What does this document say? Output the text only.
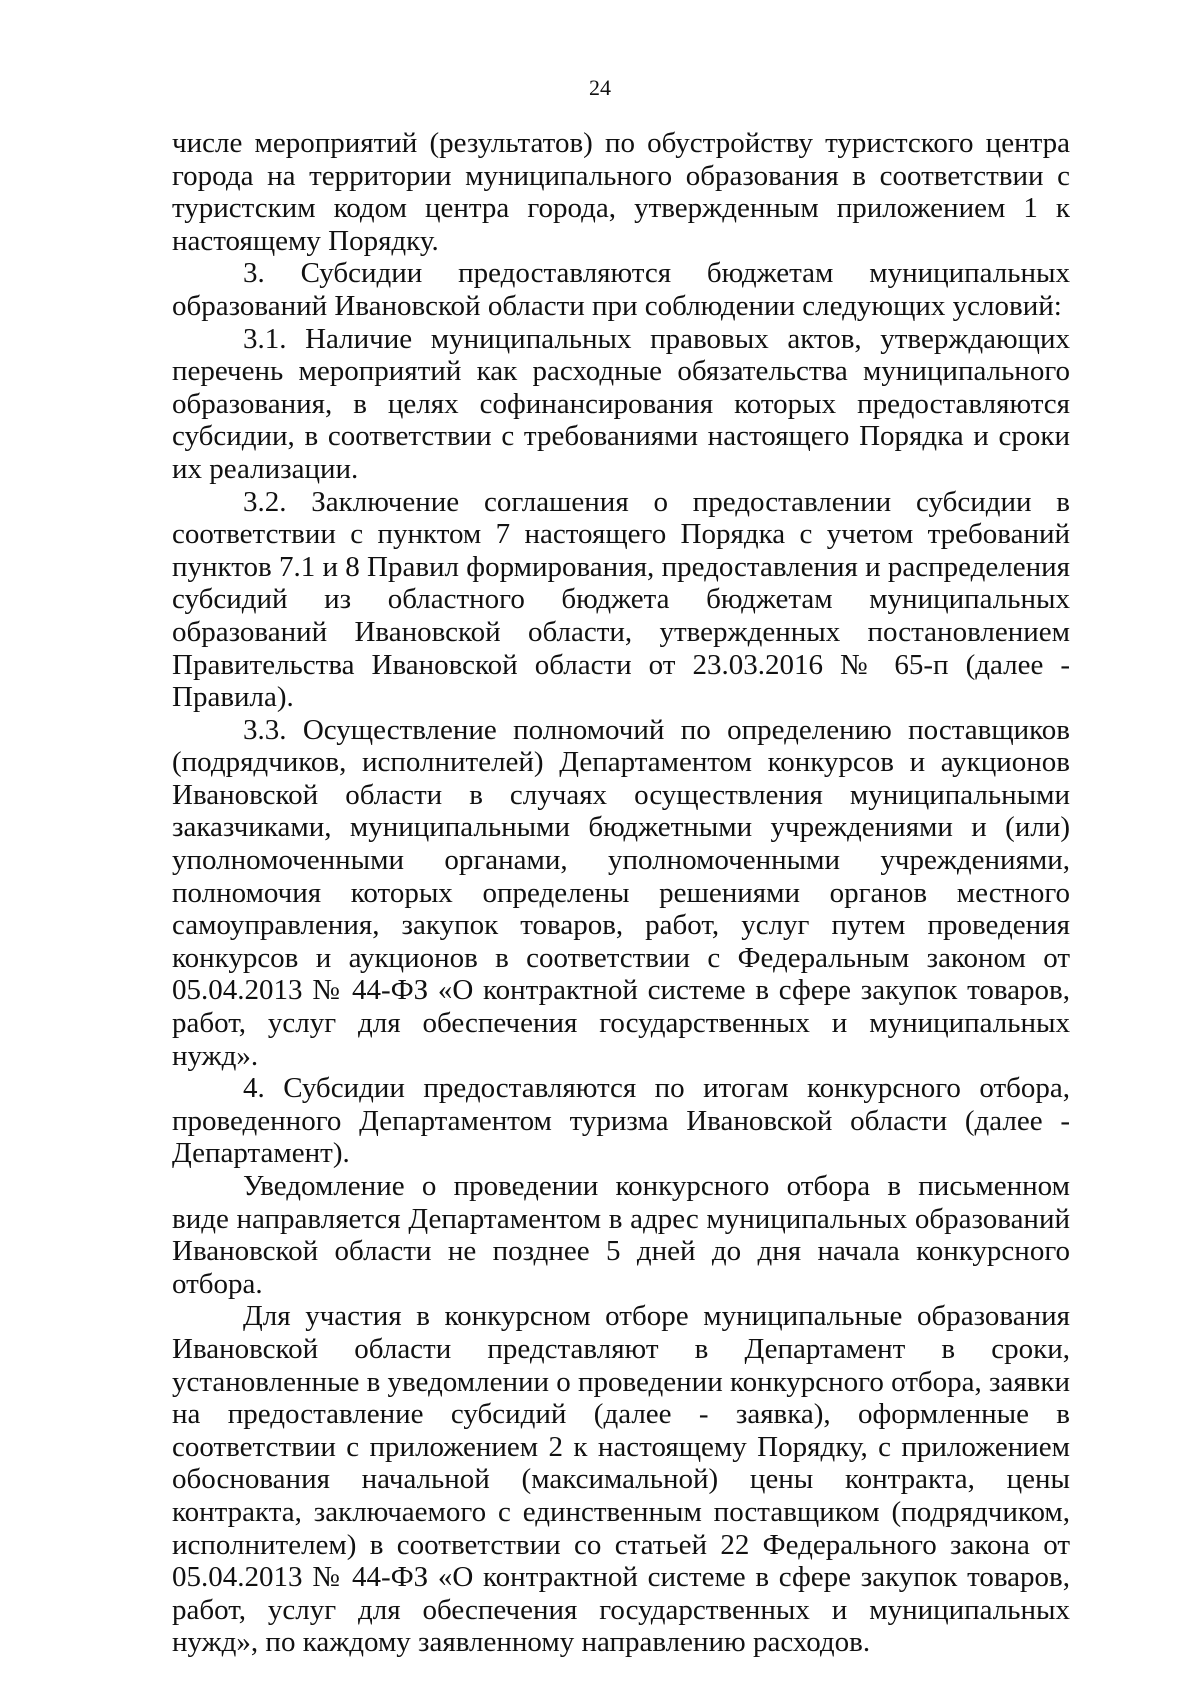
24

числе мероприятий (результатов) по обустройству туристского центра города на территории муниципального образования в соответствии с туристским кодом центра города, утвержденным приложением 1 к настоящему Порядку.

3. Субсидии предоставляются бюджетам муниципальных образований Ивановской области при соблюдении следующих условий:

3.1. Наличие муниципальных правовых актов, утверждающих перечень мероприятий как расходные обязательства муниципального образования, в целях софинансирования которых предоставляются субсидии, в соответствии с требованиями настоящего Порядка и сроки их реализации.

3.2. Заключение соглашения о предоставлении субсидии в соответствии с пунктом 7 настоящего Порядка с учетом требований пунктов 7.1 и 8 Правил формирования, предоставления и распределения субсидий из областного бюджета бюджетам муниципальных образований Ивановской области, утвержденных постановлением Правительства Ивановской области от 23.03.2016 № 65-п (далее - Правила).

3.3. Осуществление полномочий по определению поставщиков (подрядчиков, исполнителей) Департаментом конкурсов и аукционов Ивановской области в случаях осуществления муниципальными заказчиками, муниципальными бюджетными учреждениями и (или) уполномоченными органами, уполномоченными учреждениями, полномочия которых определены решениями органов местного самоуправления, закупок товаров, работ, услуг путем проведения конкурсов и аукционов в соответствии с Федеральным законом от 05.04.2013 № 44-ФЗ «О контрактной системе в сфере закупок товаров, работ, услуг для обеспечения государственных и муниципальных нужд».

4. Субсидии предоставляются по итогам конкурсного отбора, проведенного Департаментом туризма Ивановской области (далее - Департамент).

Уведомление о проведении конкурсного отбора в письменном виде направляется Департаментом в адрес муниципальных образований Ивановской области не позднее 5 дней до дня начала конкурсного отбора.

Для участия в конкурсном отборе муниципальные образования Ивановской области представляют в Департамент в сроки, установленные в уведомлении о проведении конкурсного отбора, заявки на предоставление субсидий (далее - заявка), оформленные в соответствии с приложением 2 к настоящему Порядку, с приложением обоснования начальной (максимальной) цены контракта, цены контракта, заключаемого с единственным поставщиком (подрядчиком, исполнителем) в соответствии со статьей 22 Федерального закона от 05.04.2013 № 44-ФЗ «О контрактной системе в сфере закупок товаров, работ, услуг для обеспечения государственных и муниципальных нужд», по каждому заявленному направлению расходов.
